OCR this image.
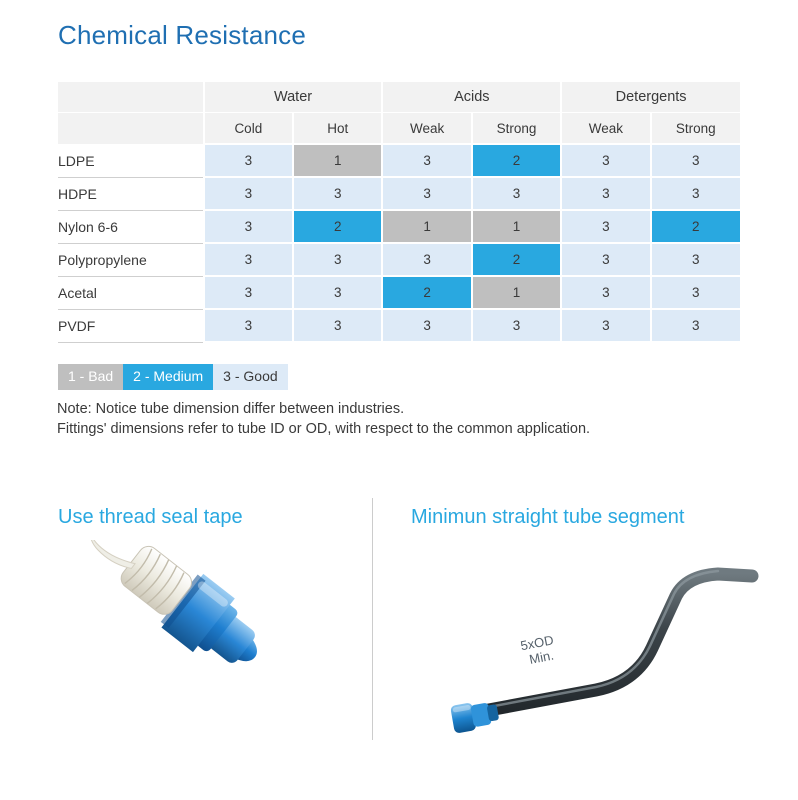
Chemical Resistance
	Water		Acids		Detergents	
	Cold	Hot	Weak	Strong	Weak	Strong
LDPE	3	1	3	2	3	3
HDPE	3	3	3	3	3	3
Nylon 6-6	3	2	1	1	3	2
Polypropylene	3	3	3	2	3	3
Acetal	3	3	2	1	3	3
PVDF	3	3	3	3	3	3
1 - Bad	2 - Medium	3 - Good
Note: Notice tube dimension differ between industries.
Fittings' dimensions refer to tube ID or OD, with respect to the common application.
Use thread seal tape	Minimun straight tube segment
5xOD
Min.
